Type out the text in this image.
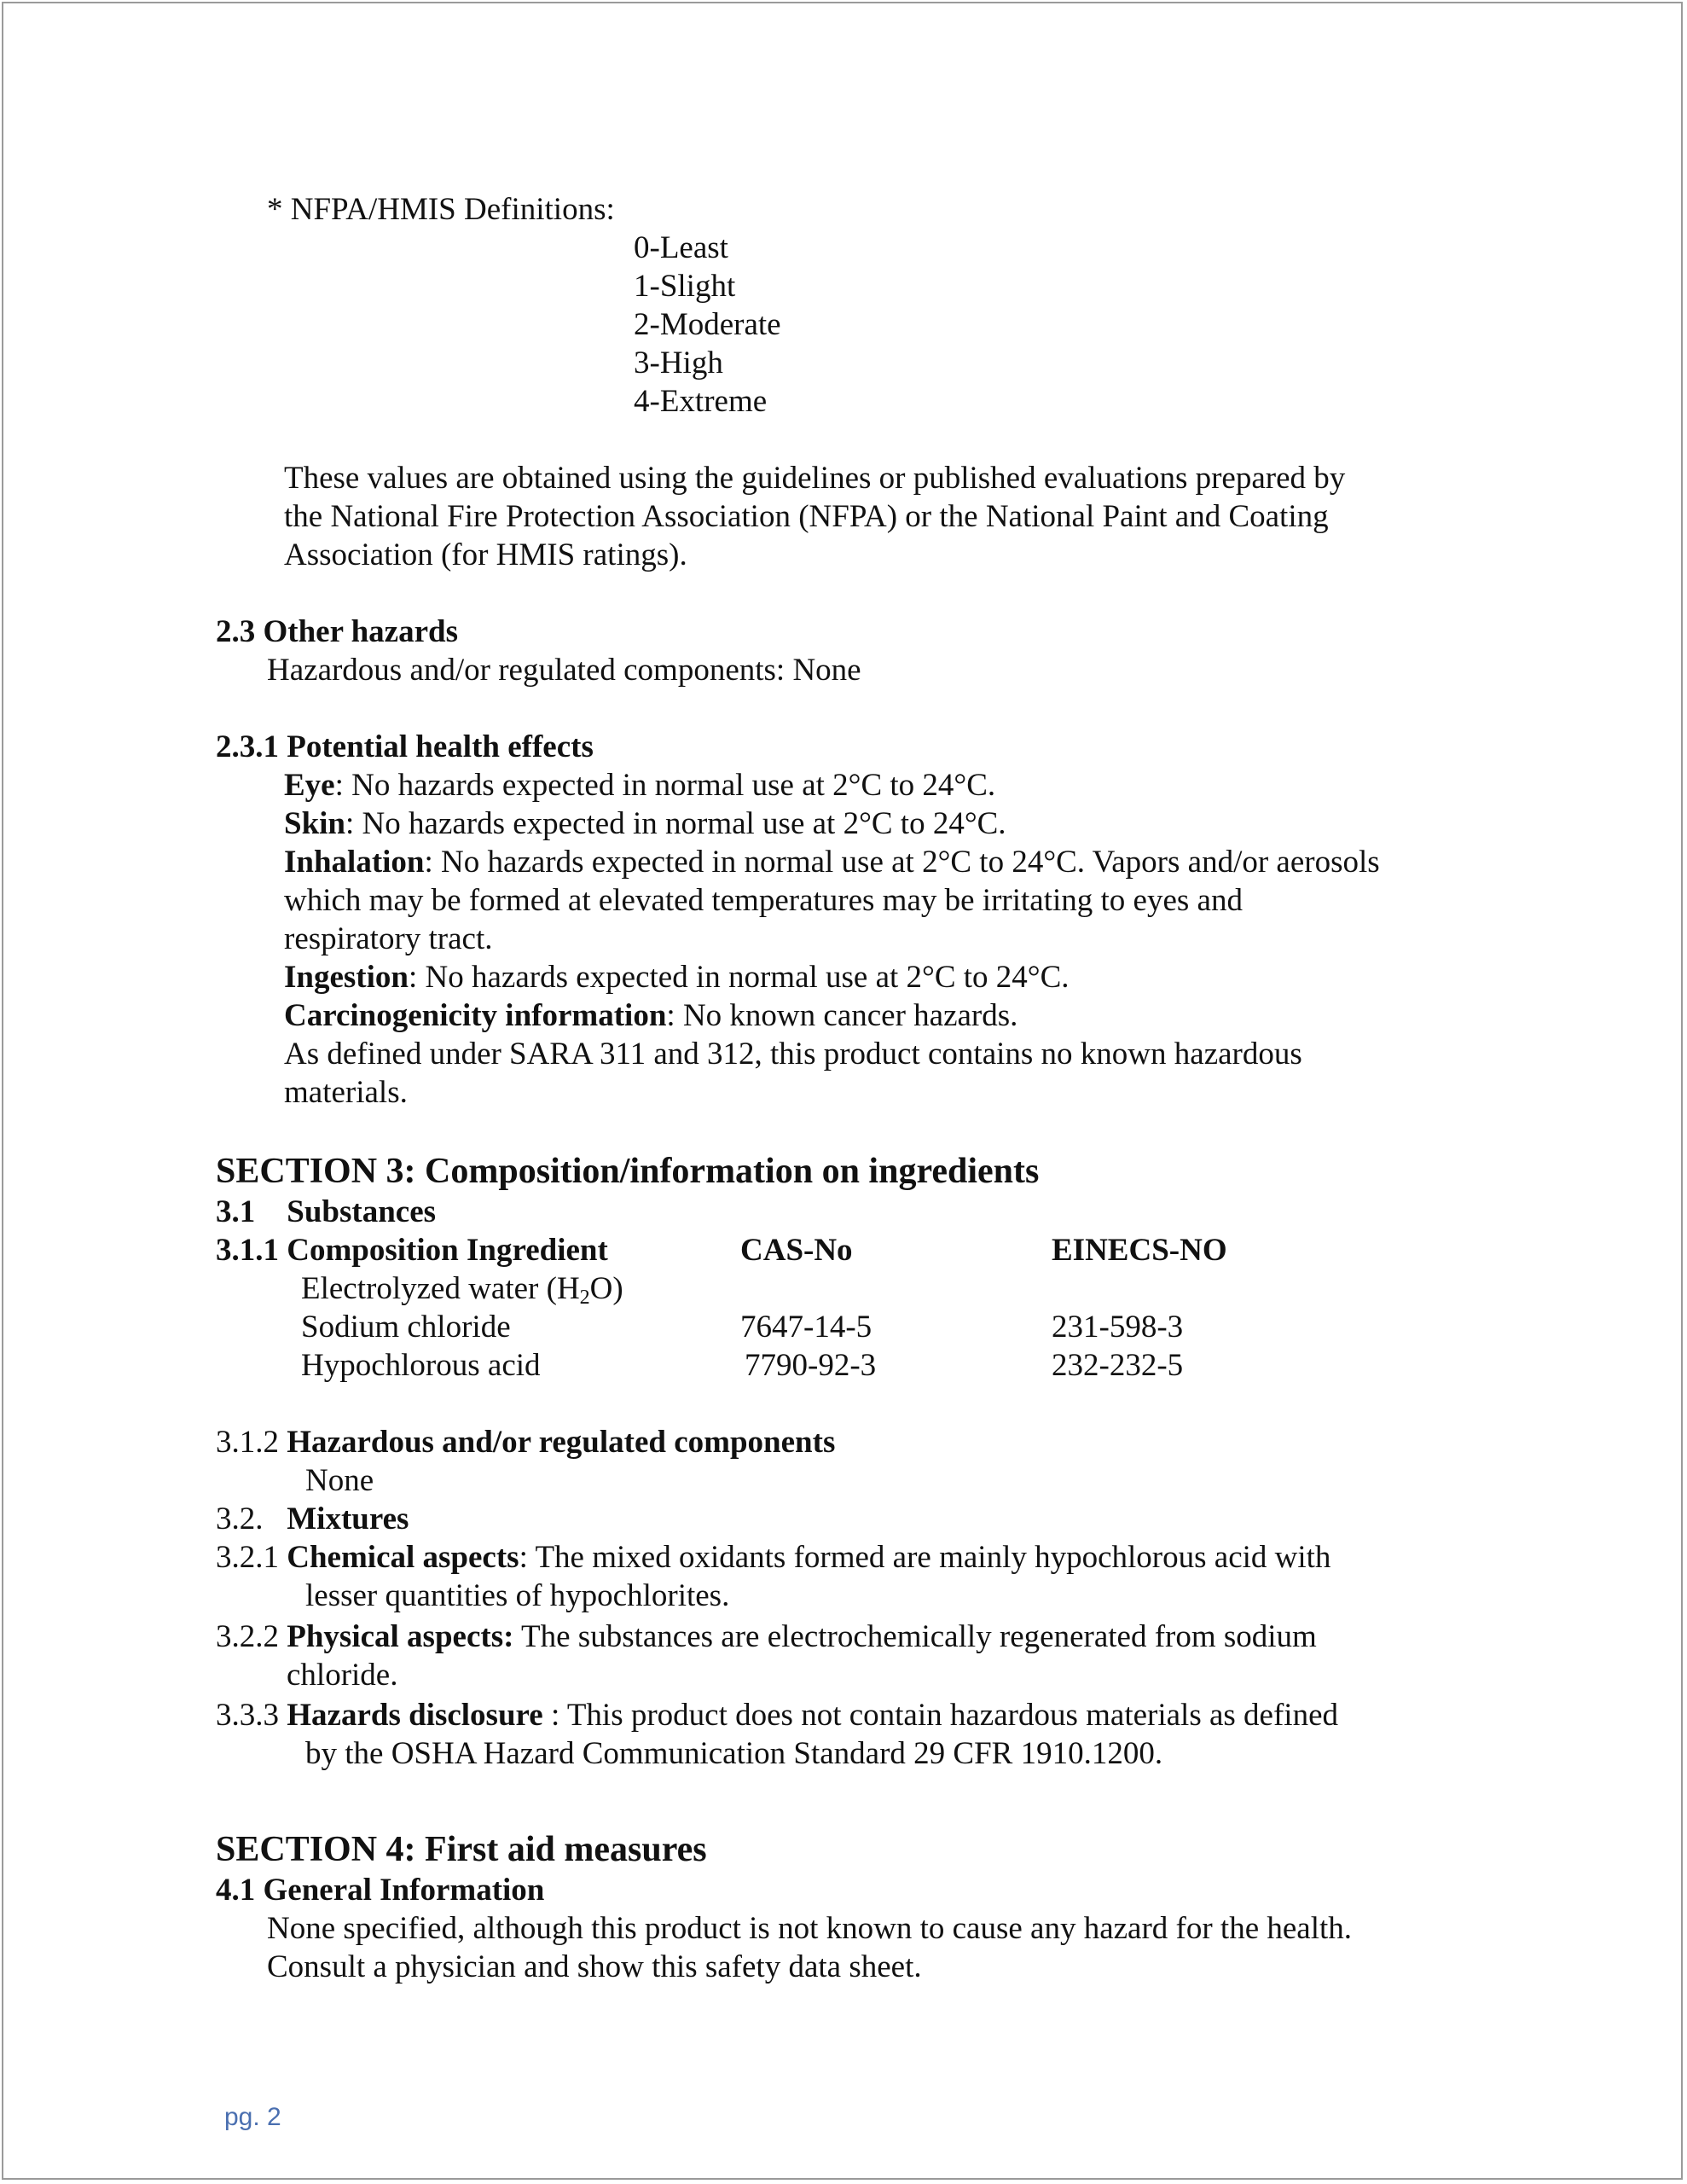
* NFPA/HMIS Definitions:
0-Least
1-Slight
2-Moderate
3-High
4-Extreme
These values are obtained using the guidelines or published evaluations prepared by
the National Fire Protection Association (NFPA) or the National Paint and Coating
Association (for HMIS ratings).
2.3 Other hazards
Hazardous and/or regulated components: None
2.3.1 Potential health effects
Eye: No hazards expected in normal use at 2°C to 24°C.
Skin: No hazards expected in normal use at 2°C to 24°C.
Inhalation: No hazards expected in normal use at 2°C to 24°C. Vapors and/or aerosols
which may be formed at elevated temperatures may be irritating to eyes and
respiratory tract.
Ingestion: No hazards expected in normal use at 2°C to 24°C.
Carcinogenicity information: No known cancer hazards.
As defined under SARA 311 and 312, this product contains no known hazardous
materials.
SECTION 3: Composition/information on ingredients
3.1    Substances
3.1.1 Composition Ingredient	CAS-No	EINECS-NO
Electrolyzed water (H2O)
Sodium chloride	7647-14-5	231-598-3
Hypochlorous acid	7790-92-3	232-232-5
3.1.2 Hazardous and/or regulated components
None
3.2.   Mixtures
3.2.1 Chemical aspects: The mixed oxidants formed are mainly hypochlorous acid with
lesser quantities of hypochlorites.
3.2.2 Physical aspects: The substances are electrochemically regenerated from sodium
chloride.
3.3.3 Hazards disclosure : This product does not contain hazardous materials as defined
by the OSHA Hazard Communication Standard 29 CFR 1910.1200.
SECTION 4: First aid measures
4.1 General Information
None specified, although this product is not known to cause any hazard for the health.
Consult a physician and show this safety data sheet.
pg. 2
